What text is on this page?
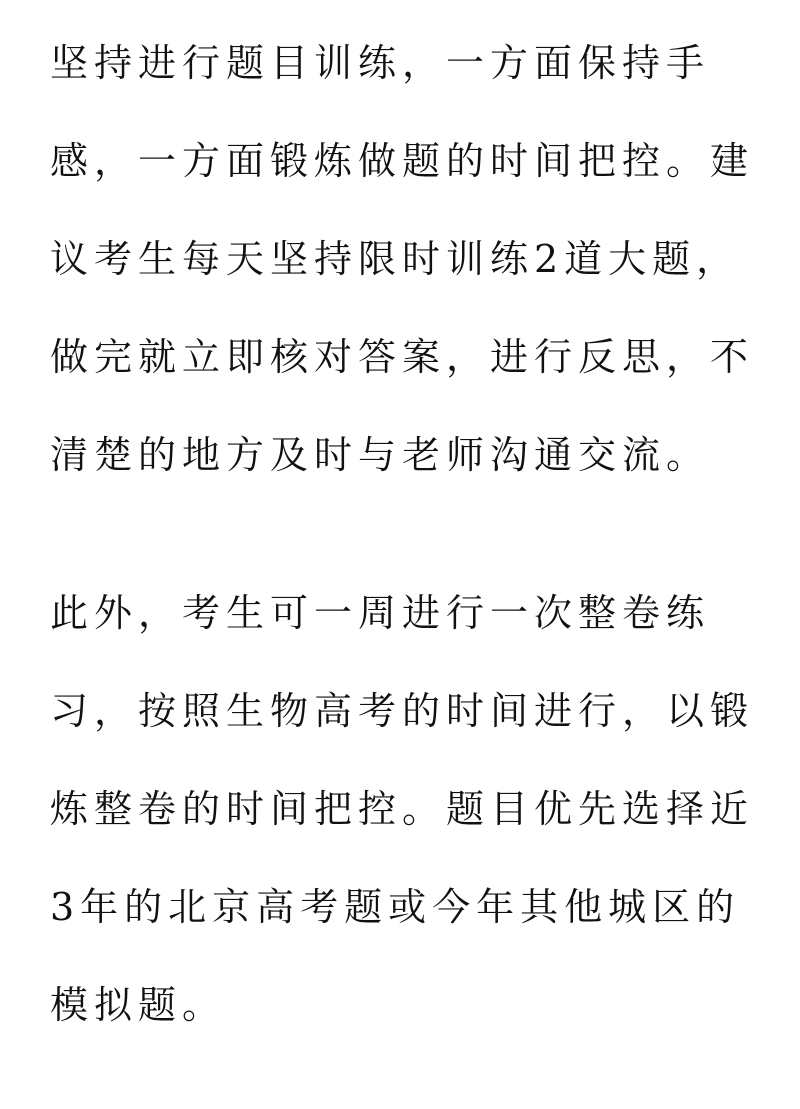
坚持进行题目训练，一方面保持手
感，一方面锻炼做题的时间把控。建
议考生每天坚持限时训练2道大题，
做完就立即核对答案，进行反思，不
清楚的地方及时与老师沟通交流。

此外，考生可一周进行一次整卷练
习，按照生物高考的时间进行，以锻
炼整卷的时间把控。题目优先选择近
3年的北京高考题或今年其他城区的
模拟题。
